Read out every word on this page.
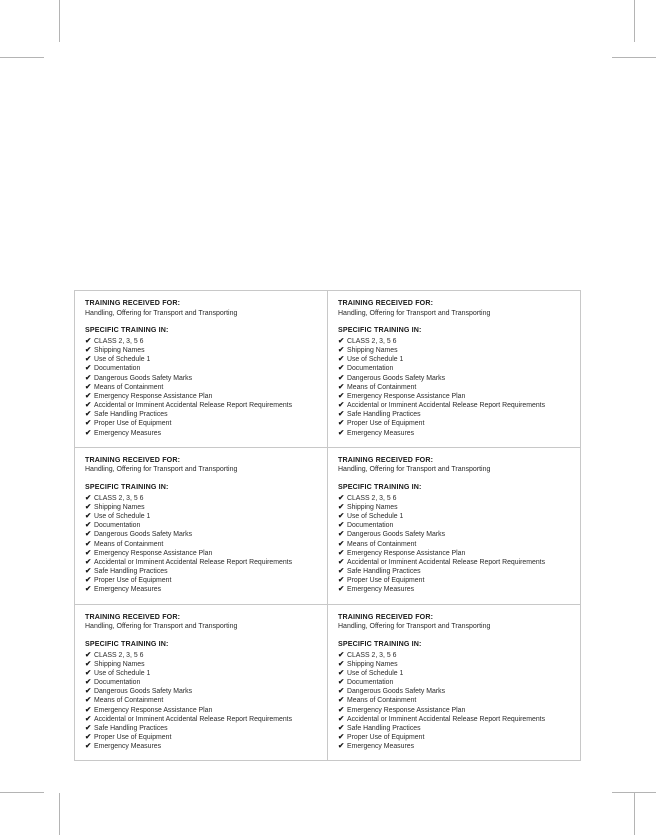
TRAINING RECEIVED FOR:
Handling, Offering for Transport and Transporting
SPECIFIC TRAINING IN:
✔ CLASS 2, 3, 5 6
✔ Shipping Names
✔ Use of Schedule 1
✔ Documentation
✔ Dangerous Goods Safety Marks
✔ Means of Containment
✔ Emergency Response Assistance Plan
✔ Accidental or Imminent Accidental Release Report Requirements
✔ Safe Handling Practices
✔ Proper Use of Equipment
✔ Emergency Measures
TRAINING RECEIVED FOR:
Handling, Offering for Transport and Transporting
SPECIFIC TRAINING IN:
✔ CLASS 2, 3, 5 6
✔ Shipping Names
✔ Use of Schedule 1
✔ Documentation
✔ Dangerous Goods Safety Marks
✔ Means of Containment
✔ Emergency Response Assistance Plan
✔ Accidental or Imminent Accidental Release Report Requirements
✔ Safe Handling Practices
✔ Proper Use of Equipment
✔ Emergency Measures
TRAINING RECEIVED FOR:
Handling, Offering for Transport and Transporting
SPECIFIC TRAINING IN:
✔ CLASS 2, 3, 5 6
✔ Shipping Names
✔ Use of Schedule 1
✔ Documentation
✔ Dangerous Goods Safety Marks
✔ Means of Containment
✔ Emergency Response Assistance Plan
✔ Accidental or Imminent Accidental Release Report Requirements
✔ Safe Handling Practices
✔ Proper Use of Equipment
✔ Emergency Measures
TRAINING RECEIVED FOR:
Handling, Offering for Transport and Transporting
SPECIFIC TRAINING IN:
✔ CLASS 2, 3, 5 6
✔ Shipping Names
✔ Use of Schedule 1
✔ Documentation
✔ Dangerous Goods Safety Marks
✔ Means of Containment
✔ Emergency Response Assistance Plan
✔ Accidental or Imminent Accidental Release Report Requirements
✔ Safe Handling Practices
✔ Proper Use of Equipment
✔ Emergency Measures
TRAINING RECEIVED FOR:
Handling, Offering for Transport and Transporting
SPECIFIC TRAINING IN:
✔ CLASS 2, 3, 5 6
✔ Shipping Names
✔ Use of Schedule 1
✔ Documentation
✔ Dangerous Goods Safety Marks
✔ Means of Containment
✔ Emergency Response Assistance Plan
✔ Accidental or Imminent Accidental Release Report Requirements
✔ Safe Handling Practices
✔ Proper Use of Equipment
✔ Emergency Measures
TRAINING RECEIVED FOR:
Handling, Offering for Transport and Transporting
SPECIFIC TRAINING IN:
✔ CLASS 2, 3, 5 6
✔ Shipping Names
✔ Use of Schedule 1
✔ Documentation
✔ Dangerous Goods Safety Marks
✔ Means of Containment
✔ Emergency Response Assistance Plan
✔ Accidental or Imminent Accidental Release Report Requirements
✔ Safe Handling Practices
✔ Proper Use of Equipment
✔ Emergency Measures
